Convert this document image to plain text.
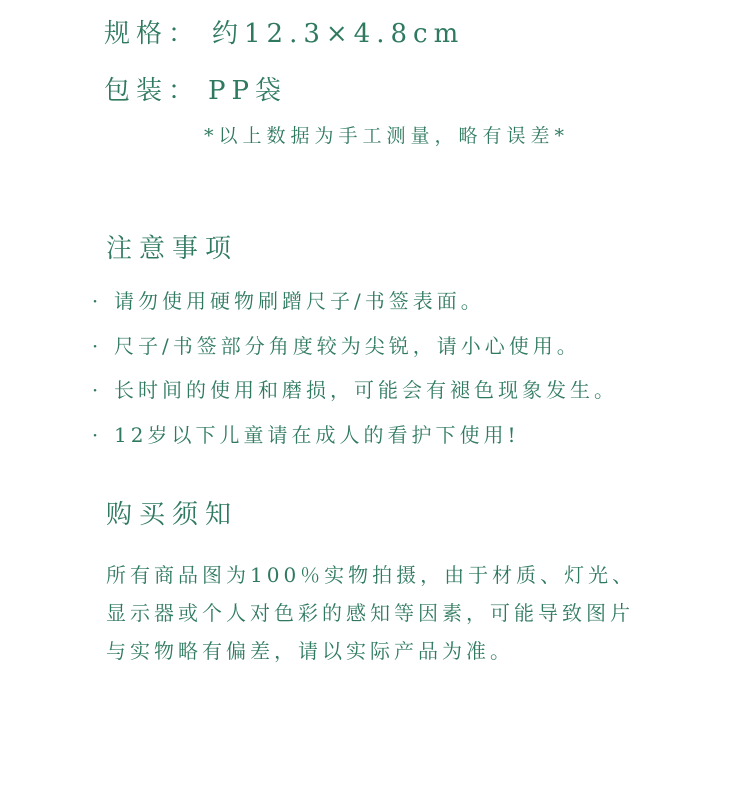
规格： 约12.3×4.8cm
包装： PP袋
*以上数据为手工测量，略有误差*
注意事项
· 请勿使用硬物刷蹭尺子/书签表面。
· 尺子/书签部分角度较为尖锐，请小心使用。
· 长时间的使用和磨损，可能会有褪色现象发生。
· 12岁以下儿童请在成人的看护下使用!
购买须知
所有商品图为100％实物拍摄，由于材质、灯光、
显示器或个人对色彩的感知等因素，可能导致图片
与实物略有偏差，请以实际产品为准。
